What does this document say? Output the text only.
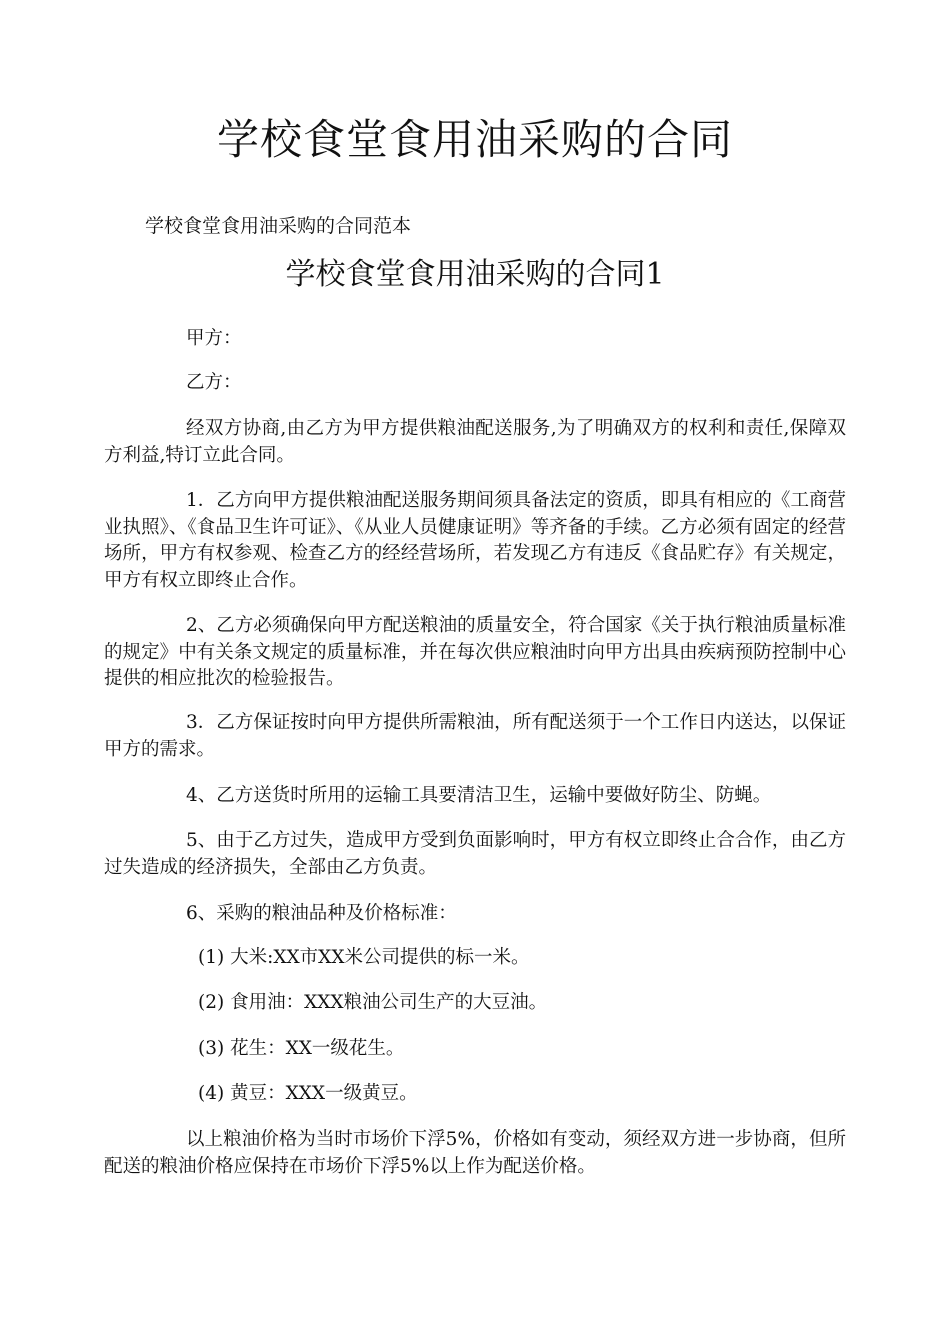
学校食堂食用油采购的合同
学校食堂食用油采购的合同范本
学校食堂食用油采购的合同1
甲方：
乙方：
经双方协商,由乙方为甲方提供粮油配送服务,为了明确双方的权利和责任,保障双方利益,特订立此合同。
1．乙方向甲方提供粮油配送服务期间须具备法定的资质，即具有相应的《工商营业执照》、《食品卫生许可证》、《从业人员健康证明》等齐备的手续。乙方必须有固定的经营场所，甲方有权参观、检查乙方的经经营场所，若发现乙方有违反《食品贮存》有关规定，甲方有权立即终止合作。
2、乙方必须确保向甲方配送粮油的质量安全，符合国家《关于执行粮油质量标准的规定》中有关条文规定的质量标准，并在每次供应粮油时向甲方出具由疾病预防控制中心提供的相应批次的检验报告。
3．乙方保证按时向甲方提供所需粮油，所有配送须于一个工作日内送达，以保证甲方的需求。
4、乙方送货时所用的运输工具要清洁卫生，运输中要做好防尘、防蝇。
5、由于乙方过失，造成甲方受到负面影响时，甲方有权立即终止合合作，由乙方过失造成的经济损失，全部由乙方负责。
6、采购的粮油品种及价格标准：
(1) 大米:XX市XX米公司提供的标一米。
(2) 食用油：XXX粮油公司生产的大豆油。
(3) 花生：XX一级花生。
(4) 黄豆：XXX一级黄豆。
以上粮油价格为当时市场价下浮5%，价格如有变动，须经双方进一步协商，但所配送的粮油价格应保持在市场价下浮5%以上作为配送价格。
